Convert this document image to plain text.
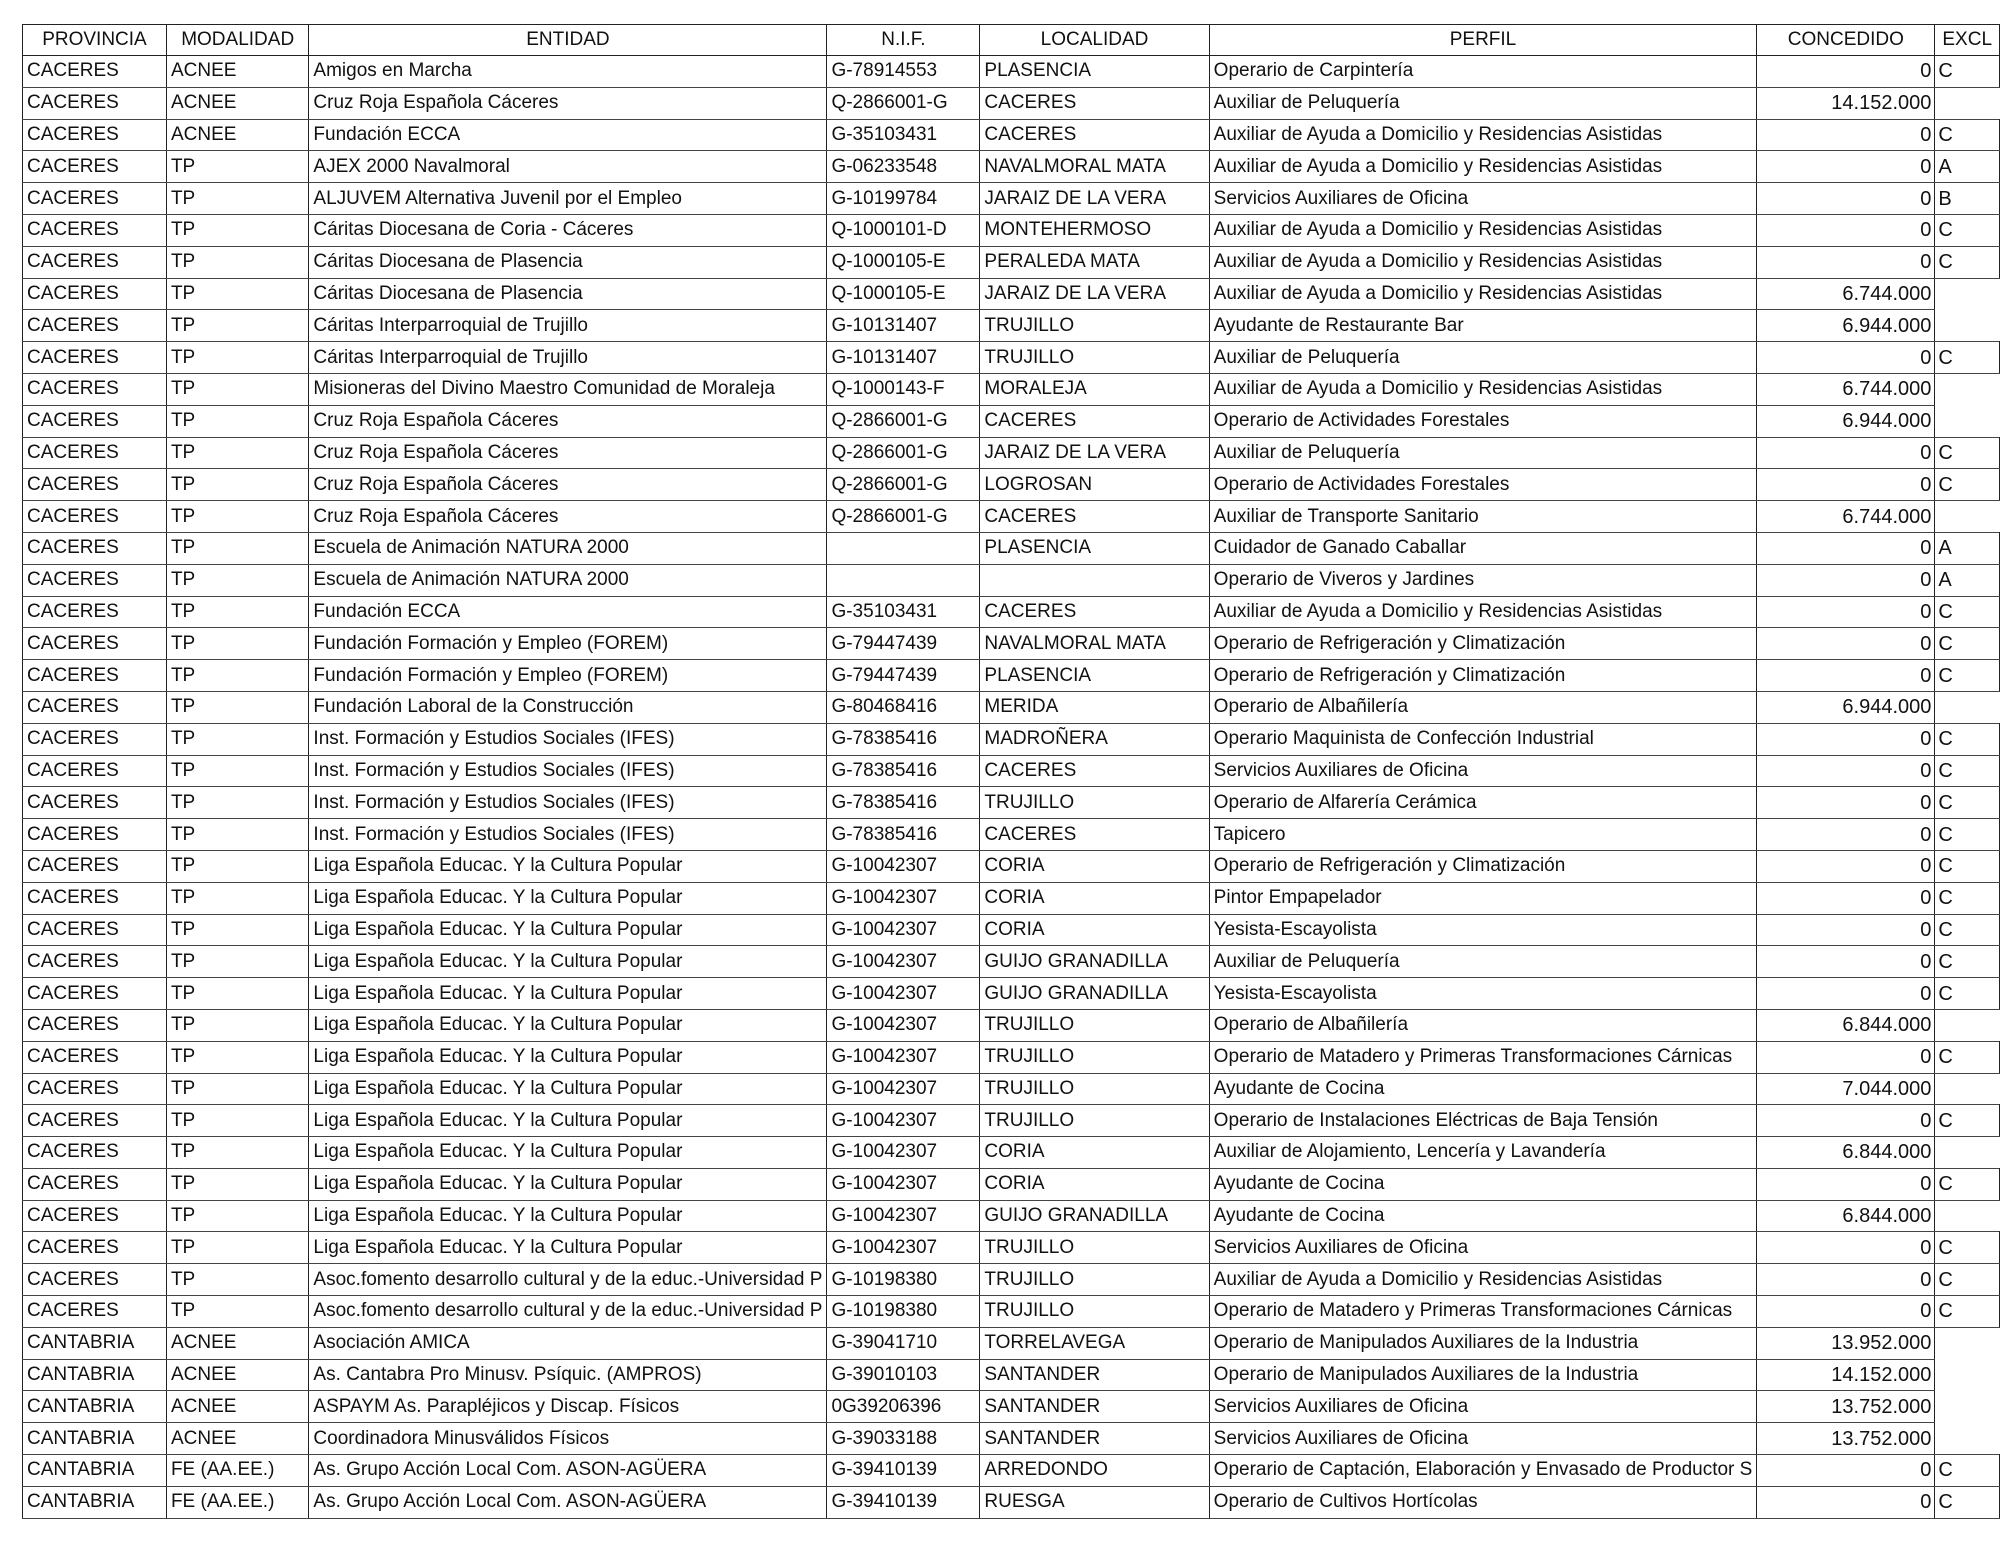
PROVINCIA	MODALIDAD	ENTIDAD	N.I.F.	LOCALIDAD	PERFIL	CONCEDIDO	EXCL
CACERES	ACNEE	Amigos en Marcha	G-78914553	PLASENCIA	Operario de Carpintería	0	C
CACERES	ACNEE	Cruz Roja Española Cáceres	Q-2866001-G	CACERES	Auxiliar de Peluquería	14.152.000	
CACERES	ACNEE	Fundación ECCA	G-35103431	CACERES	Auxiliar de Ayuda a Domicilio y Residencias Asistidas	0	C
CACERES	TP	AJEX 2000 Navalmoral	G-06233548	NAVALMORAL MATA	Auxiliar de Ayuda a Domicilio y Residencias Asistidas	0	A
CACERES	TP	ALJUVEM Alternativa Juvenil por el Empleo	G-10199784	JARAIZ DE LA VERA	Servicios Auxiliares de Oficina	0	B
CACERES	TP	Cáritas Diocesana de Coria - Cáceres	Q-1000101-D	MONTEHERMOSO	Auxiliar de Ayuda a Domicilio y Residencias Asistidas	0	C
CACERES	TP	Cáritas Diocesana de Plasencia	Q-1000105-E	PERALEDA MATA	Auxiliar de Ayuda a Domicilio y Residencias Asistidas	0	C
CACERES	TP	Cáritas Diocesana de Plasencia	Q-1000105-E	JARAIZ DE LA VERA	Auxiliar de Ayuda a Domicilio y Residencias Asistidas	6.744.000	
CACERES	TP	Cáritas Interparroquial de Trujillo	G-10131407	TRUJILLO	Ayudante de Restaurante Bar	6.944.000	
CACERES	TP	Cáritas Interparroquial de Trujillo	G-10131407	TRUJILLO	Auxiliar de Peluquería	0	C
CACERES	TP	Misioneras del Divino Maestro Comunidad de Moraleja	Q-1000143-F	MORALEJA	Auxiliar de Ayuda a Domicilio y Residencias Asistidas	6.744.000	
CACERES	TP	Cruz Roja Española Cáceres	Q-2866001-G	CACERES	Operario de Actividades Forestales	6.944.000	
CACERES	TP	Cruz Roja Española Cáceres	Q-2866001-G	JARAIZ DE LA VERA	Auxiliar de Peluquería	0	C
CACERES	TP	Cruz Roja Española Cáceres	Q-2866001-G	LOGROSAN	Operario de Actividades Forestales	0	C
CACERES	TP	Cruz Roja Española Cáceres	Q-2866001-G	CACERES	Auxiliar de Transporte Sanitario	6.744.000	
CACERES	TP	Escuela de Animación NATURA 2000		PLASENCIA	Cuidador de Ganado Caballar	0	A
CACERES	TP	Escuela de Animación NATURA 2000			Operario de Viveros y Jardines	0	A
CACERES	TP	Fundación ECCA	G-35103431	CACERES	Auxiliar de Ayuda a Domicilio y Residencias Asistidas	0	C
CACERES	TP	Fundación Formación y Empleo (FOREM)	G-79447439	NAVALMORAL MATA	Operario de Refrigeración y Climatización	0	C
CACERES	TP	Fundación Formación y Empleo (FOREM)	G-79447439	PLASENCIA	Operario de Refrigeración y Climatización	0	C
CACERES	TP	Fundación Laboral de la Construcción	G-80468416	MERIDA	Operario de Albañilería	6.944.000	
CACERES	TP	Inst. Formación y Estudios Sociales (IFES)	G-78385416	MADROÑERA	Operario Maquinista de Confección Industrial	0	C
CACERES	TP	Inst. Formación y Estudios Sociales (IFES)	G-78385416	CACERES	Servicios Auxiliares de Oficina	0	C
CACERES	TP	Inst. Formación y Estudios Sociales (IFES)	G-78385416	TRUJILLO	Operario de Alfarería Cerámica	0	C
CACERES	TP	Inst. Formación y Estudios Sociales (IFES)	G-78385416	CACERES	Tapicero	0	C
CACERES	TP	Liga Española Educac. Y la Cultura Popular	G-10042307	CORIA	Operario de Refrigeración y Climatización	0	C
CACERES	TP	Liga Española Educac. Y la Cultura Popular	G-10042307	CORIA	Pintor Empapelador	0	C
CACERES	TP	Liga Española Educac. Y la Cultura Popular	G-10042307	CORIA	Yesista-Escayolista	0	C
CACERES	TP	Liga Española Educac. Y la Cultura Popular	G-10042307	GUIJO GRANADILLA	Auxiliar de Peluquería	0	C
CACERES	TP	Liga Española Educac. Y la Cultura Popular	G-10042307	GUIJO GRANADILLA	Yesista-Escayolista	0	C
CACERES	TP	Liga Española Educac. Y la Cultura Popular	G-10042307	TRUJILLO	Operario de Albañilería	6.844.000	
CACERES	TP	Liga Española Educac. Y la Cultura Popular	G-10042307	TRUJILLO	Operario de Matadero y Primeras Transformaciones Cárnicas	0	C
CACERES	TP	Liga Española Educac. Y la Cultura Popular	G-10042307	TRUJILLO	Ayudante de Cocina	7.044.000	
CACERES	TP	Liga Española Educac. Y la Cultura Popular	G-10042307	TRUJILLO	Operario de Instalaciones Eléctricas de Baja Tensión	0	C
CACERES	TP	Liga Española Educac. Y la Cultura Popular	G-10042307	CORIA	Auxiliar de Alojamiento, Lencería y Lavandería	6.844.000	
CACERES	TP	Liga Española Educac. Y la Cultura Popular	G-10042307	CORIA	Ayudante de Cocina	0	C
CACERES	TP	Liga Española Educac. Y la Cultura Popular	G-10042307	GUIJO GRANADILLA	Ayudante de Cocina	6.844.000	
CACERES	TP	Liga Española Educac. Y la Cultura Popular	G-10042307	TRUJILLO	Servicios Auxiliares de Oficina	0	C
CACERES	TP	Asoc.fomento desarrollo cultural y de la educ.-Universidad P	G-10198380	TRUJILLO	Auxiliar de Ayuda a Domicilio y Residencias Asistidas	0	C
CACERES	TP	Asoc.fomento desarrollo cultural y de la educ.-Universidad P	G-10198380	TRUJILLO	Operario de Matadero y Primeras Transformaciones Cárnicas	0	C
CANTABRIA	ACNEE	Asociación AMICA	G-39041710	TORRELAVEGA	Operario de Manipulados Auxiliares de la Industria	13.952.000	
CANTABRIA	ACNEE	As. Cantabra Pro Minusv. Psíquic. (AMPROS)	G-39010103	SANTANDER	Operario de Manipulados Auxiliares de la Industria	14.152.000	
CANTABRIA	ACNEE	ASPAYM As. Parapléjicos y Discap. Físicos	0G39206396	SANTANDER	Servicios Auxiliares de Oficina	13.752.000	
CANTABRIA	ACNEE	Coordinadora Minusválidos Físicos	G-39033188	SANTANDER	Servicios Auxiliares de Oficina	13.752.000	
CANTABRIA	FE (AA.EE.)	As. Grupo Acción Local Com. ASON-AGÜERA	G-39410139	ARREDONDO	Operario de Captación, Elaboración y Envasado de Productor S	0	C
CANTABRIA	FE (AA.EE.)	As. Grupo Acción Local Com. ASON-AGÜERA	G-39410139	RUESGA	Operario de Cultivos Hortícolas	0	C
